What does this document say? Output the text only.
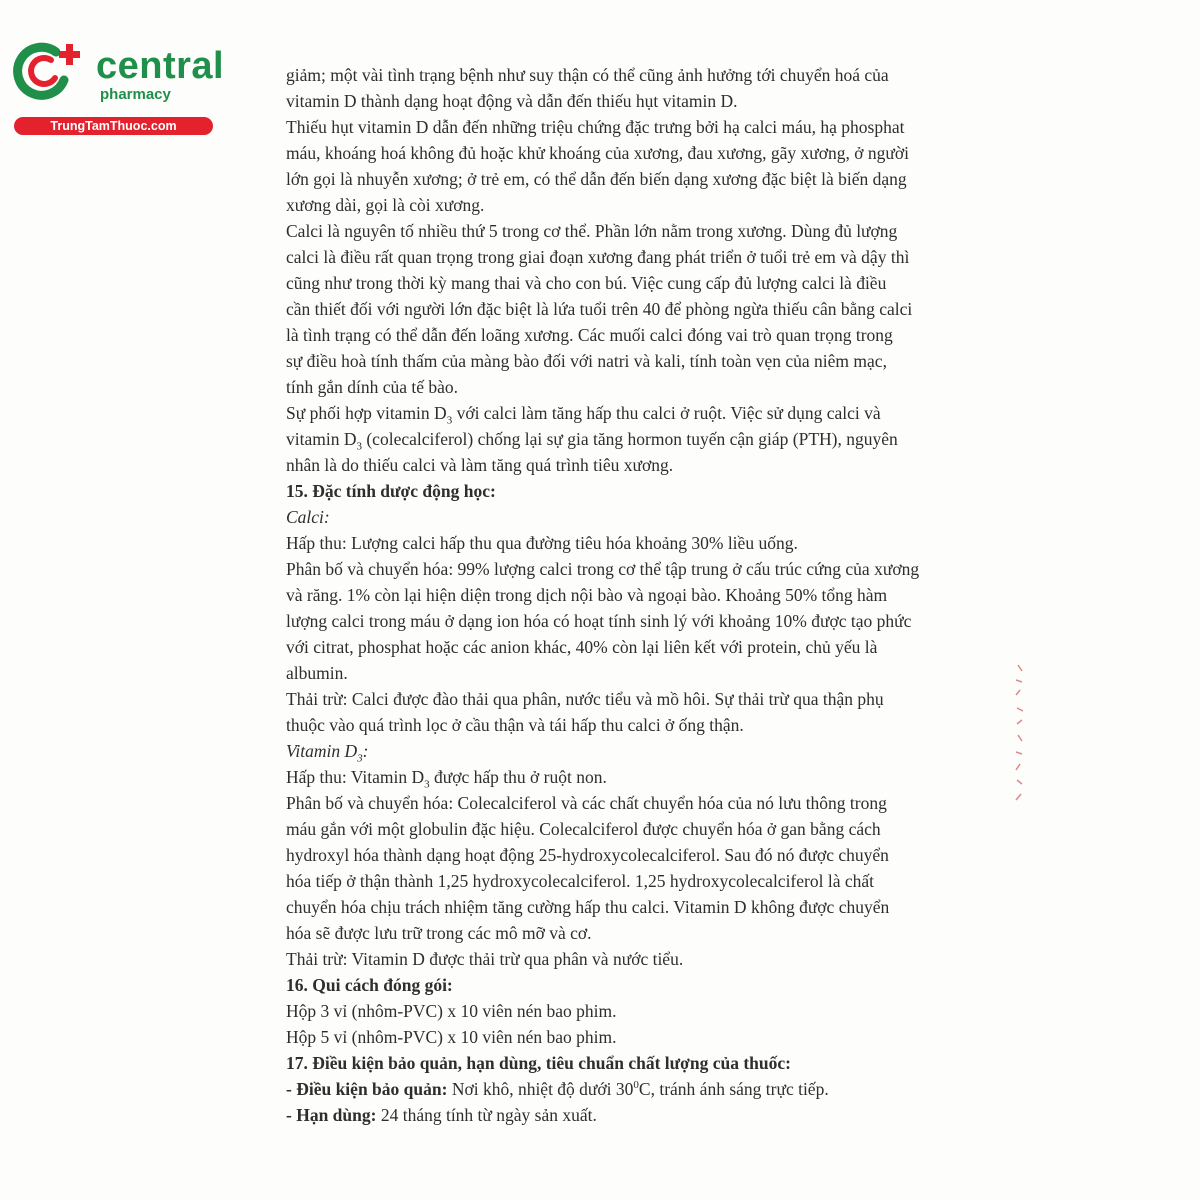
central
pharmacy
TrungTamThuoc.com

giảm; một vài tình trạng bệnh như suy thận có thể cũng ảnh hưởng tới chuyển hoá của

vitamin D thành dạng hoạt động và dẫn đến thiếu hụt vitamin D.

Thiếu hụt vitamin D dẫn đến những triệu chứng đặc trưng bởi hạ calci máu, hạ phosphat

máu, khoáng hoá không đủ hoặc khử khoáng của xương, đau xương, gãy xương, ở người

lớn gọi là nhuyễn xương; ở trẻ em, có thể dẫn đến biến dạng xương đặc biệt là biến dạng

xương dài, gọi là còi xương.

Calci là nguyên tố nhiều thứ 5 trong cơ thể. Phần lớn nằm trong xương. Dùng đủ lượng

calci là điều rất quan trọng trong giai đoạn xương đang phát triển ở tuổi trẻ em và dậy thì

cũng như trong thời kỳ mang thai và cho con bú. Việc cung cấp đủ lượng calci là điều

cần thiết đối với người lớn đặc biệt là lứa tuổi trên 40 để phòng ngừa thiếu cân bằng calci

là tình trạng có thể dẫn đến loãng xương. Các muối calci đóng vai trò quan trọng trong

sự điều hoà tính thấm của màng bào đối với natri và kali, tính toàn vẹn của niêm mạc,

tính gắn dính của tế bào.

Sự phối hợp vitamin $D_3$ với calci làm tăng hấp thu calci ở ruột. Việc sử dụng calci và

vitamin $D_3$ (colecalciferol) chống lại sự gia tăng hormon tuyến cận giáp (PTH), nguyên

nhân là do thiếu calci và làm tăng quá trình tiêu xương.

15. Đặc tính dược động học:

Calci:

Hấp thu: Lượng calci hấp thu qua đường tiêu hóa khoảng 30% liều uống.

Phân bố và chuyển hóa: 99% lượng calci trong cơ thể tập trung ở cấu trúc cứng của xương

và răng. 1% còn lại hiện diện trong dịch nội bào và ngoại bào. Khoảng 50% tổng hàm

lượng calci trong máu ở dạng ion hóa có hoạt tính sinh lý với khoảng 10% được tạo phức

với citrat, phosphat hoặc các anion khác, 40% còn lại liên kết với protein, chủ yếu là

albumin.

Thải trừ: Calci được đào thải qua phân, nước tiểu và mồ hôi. Sự thải trừ qua thận phụ

thuộc vào quá trình lọc ở cầu thận và tái hấp thu calci ở ống thận.

Vitamin $D_3$:

Hấp thu: Vitamin $D_3$ được hấp thu ở ruột non.

Phân bố và chuyển hóa: Colecalciferol và các chất chuyển hóa của nó lưu thông trong

máu gắn với một globulin đặc hiệu. Colecalciferol được chuyển hóa ở gan bằng cách

hydroxyl hóa thành dạng hoạt động 25-hydroxycolecalciferol. Sau đó nó được chuyển

hóa tiếp ở thận thành 1,25 hydroxycolecalciferol. 1,25 hydroxycolecalciferol là chất

chuyển hóa chịu trách nhiệm tăng cường hấp thu calci. Vitamin D không được chuyển

hóa sẽ được lưu trữ trong các mô mỡ và cơ.

Thải trừ: Vitamin D được thải trừ qua phân và nước tiểu.

16. Qui cách đóng gói:

Hộp 3 vỉ (nhôm-PVC) x 10 viên nén bao phim.

Hộp 5 vỉ (nhôm-PVC) x 10 viên nén bao phim.

17. Điều kiện bảo quản, hạn dùng, tiêu chuẩn chất lượng của thuốc:

- Điều kiện bảo quản: Nơi khô, nhiệt độ dưới $30^0C$, tránh ánh sáng trực tiếp.

- Hạn dùng: 24 tháng tính từ ngày sản xuất.
